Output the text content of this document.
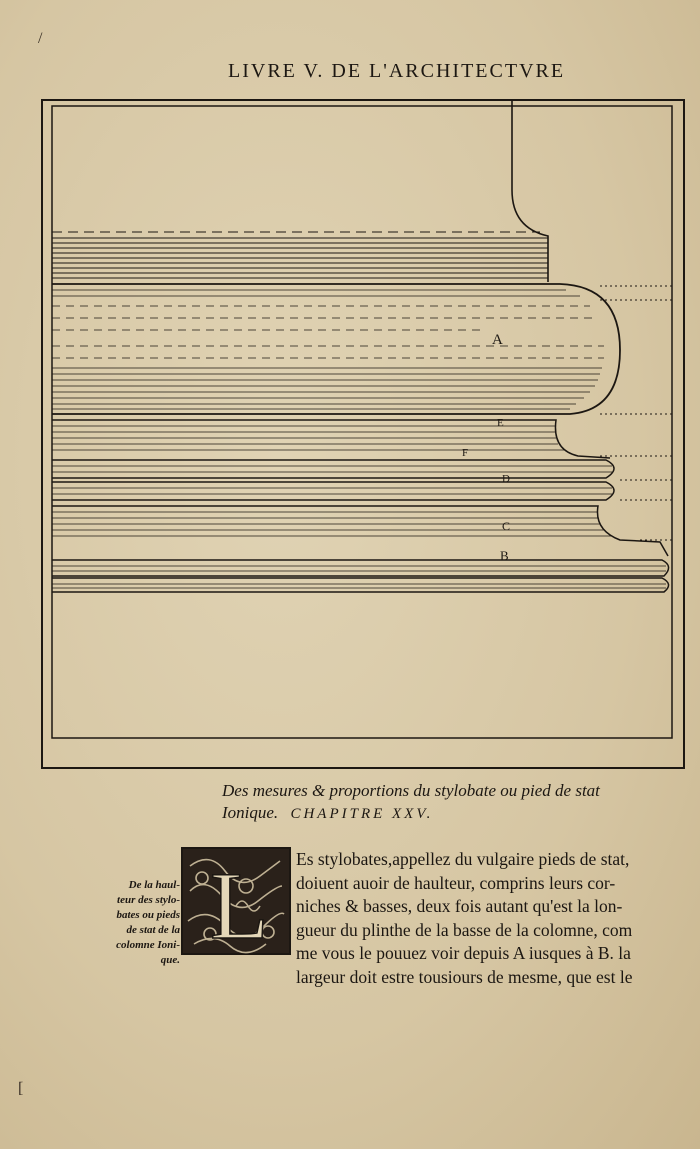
LIVRE V. DE L'ARCHITECTVRE
/
[
A
E
F
D
C
B
Des mesures & proportions du stylobate ou pied de stat
Ionique. CHAPITRE XXV.
De la haul-
teur des stylo-
bates ou pieds
de stat de la
colomne Ioni-
que.
L Es stylobates,appellez du vulgaire pieds de stat,
doiuent auoir de haulteur, comprins leurs cor-
niches & basses, deux fois autant qu'est la lon-
gueur du plinthe de la basse de la colomne, com
me vous le pouuez voir depuis A iusques à B. la
largeur doit estre tousiours de mesme, que est le
